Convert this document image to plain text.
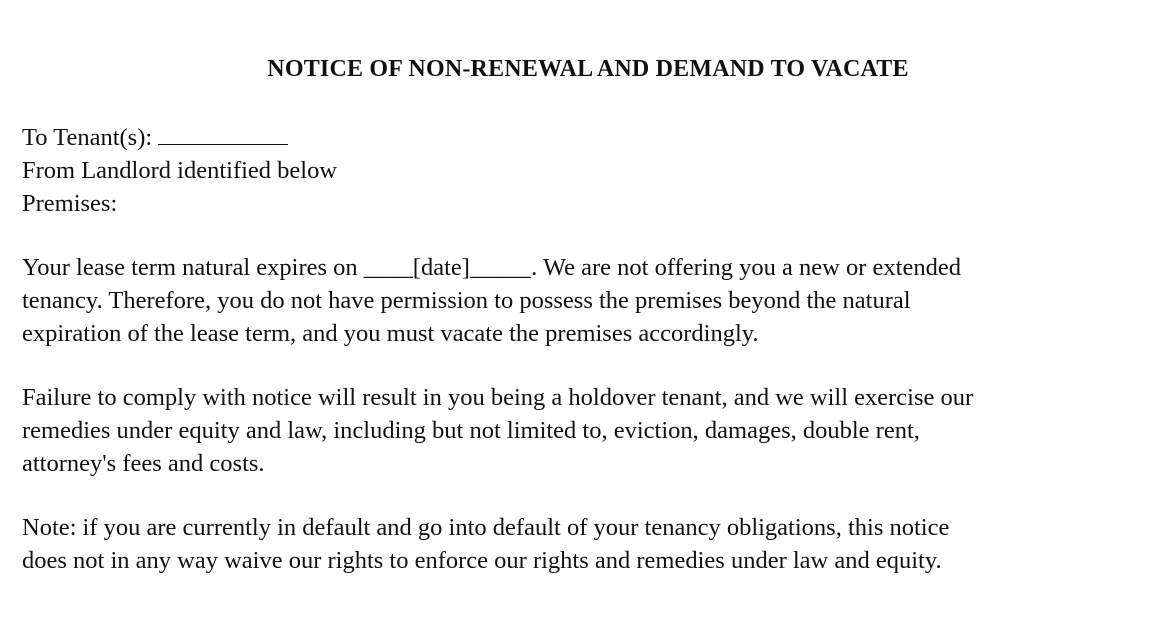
NOTICE OF NON-RENEWAL AND DEMAND TO VACATE

To Tenant(s):

From Landlord identified below

Premises:

Your lease term natural expires on ____[date]_____. We are not offering you a new or extended

tenancy. Therefore, you do not have permission to possess the premises beyond the natural

expiration of the lease term, and you must vacate the premises accordingly.

Failure to comply with notice will result in you being a holdover tenant, and we will exercise our

remedies under equity and law, including but not limited to, eviction, damages, double rent,

attorney's fees and costs.

Note: if you are currently in default and go into default of your tenancy obligations, this notice

does not in any way waive our rights to enforce our rights and remedies under law and equity.
